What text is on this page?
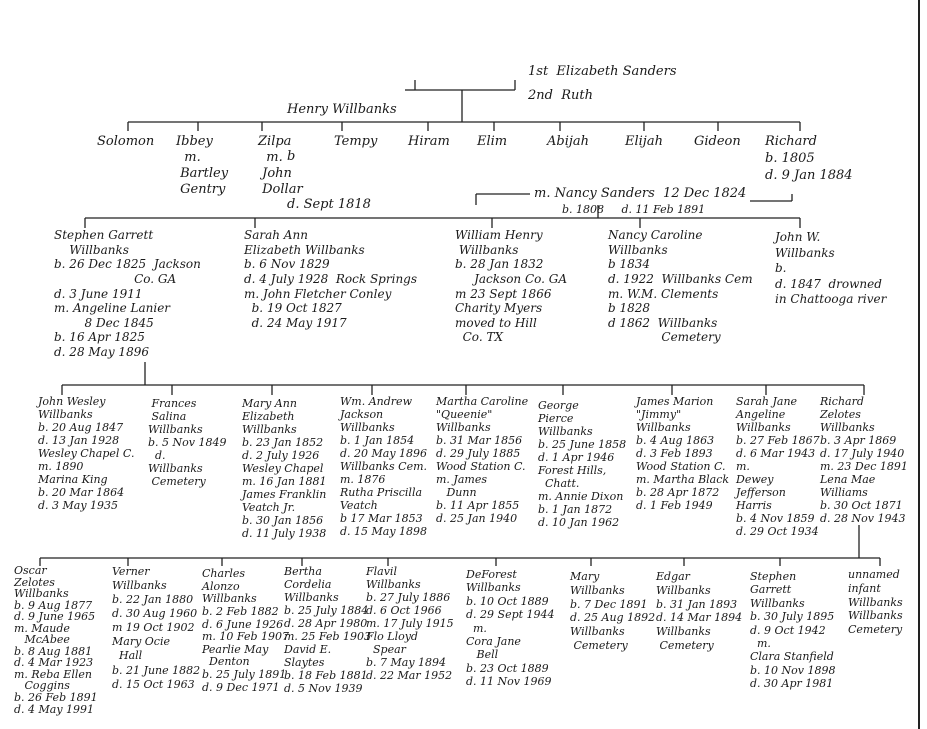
Henry Willbanks

b

d. Sept 1818

1st  Elizabeth Sanders
2nd  Ruth
Solomon Ibbey
m.
Bartley
Gentry
Zilpa
m.
John
Dollar
Tempy Hiram Elim	Abijah	Elijah Gideon Richard
b. 1805
d. 9 Jan 1884
m. Nancy Sanders  12 Dec 1824
b. 1808     d. 11 Feb 1891
Stephen Garrett
Willbanks
b. 26 Dec 1825  Jackson
Co. GA
d. 3 June 1911
m. Angeline Lanier
8 Dec 1845
b. 16 Apr 1825
d. 28 May 1896
Sarah Ann
Elizabeth Willbanks
b. 6 Nov 1829
d. 4 July 1928  Rock Springs
m. John Fletcher Conley
b. 19 Oct 1827
d. 24 May 1917
William Henry
Willbanks
b. 28 Jan 1832
Jackson Co. GA
m 23 Sept 1866
Charity Myers
moved to Hill
Co. TX
Nancy Caroline
Willbanks
b 1834
d. 1922  Willbanks Cem
m. W.M. Clements
b 1828
d 1862  Willbanks
Cemetery
John W.
Willbanks
b.
d. 1847  drowned
in Chattooga river
John Wesley
Willbanks
b. 20 Aug 1847
d. 13 Jan 1928
Wesley Chapel C.
m. 1890
Marina King
b. 20 Mar 1864
d. 3 May 1935
Frances
Salina
Willbanks
b. 5 Nov 1849
d.
Willbanks
Cemetery
Mary Ann
Elizabeth
Willbanks
b. 23 Jan 1852
d. 2 July 1926
Wesley Chapel
m. 16 Jan 1881
James Franklin
Veatch Jr.
b. 30 Jan 1856
d. 11 July 1938
Wm. Andrew
Jackson
Willbanks
b. 1 Jan 1854
d. 20 May 1896
Willbanks Cem.
m. 1876
Rutha Priscilla
Veatch
b 17 Mar 1853
d. 15 May 1898
Martha Caroline
"Queenie"
Willbanks
b. 31 Mar 1856
d. 29 July 1885
Wood Station C.
m. James
Dunn
b. 11 Apr 1855
d. 25 Jan 1940
George
Pierce
Willbanks
b. 25 June 1858
d. 1 Apr 1946
Forest Hills,
Chatt.
m. Annie Dixon
b. 1 Jan 1872
d. 10 Jan 1962
James Marion
"Jimmy"
Willbanks
b. 4 Aug 1863
d. 3 Feb 1893
Wood Station C.
m. Martha Black
b. 28 Apr 1872
d. 1 Feb 1949
Sarah Jane
Angeline
Willbanks
b. 27 Feb 1867
d. 6 Mar 1943
m.
Dewey
Jefferson
Harris
b. 4 Nov 1859
d. 29 Oct 1934
Richard
Zelotes
Willbanks
b. 3 Apr 1869
d. 17 July 1940
m. 23 Dec 1891
Lena Mae
Williams
b. 30 Oct 1871
d. 28 Nov 1943
Oscar
Zelotes
Willbanks
b. 9 Aug 1877
d. 9 June 1965
m. Maude
McAbee
b. 8 Aug 1881
d. 4 Mar 1923
m. Reba Ellen
Coggins
b. 26 Feb 1891
d. 4 May 1991
Verner
Willbanks
b. 22 Jan 1880
d. 30 Aug 1960
m 19 Oct 1902
Mary Ocie
Hall
b. 21 June 1882
d. 15 Oct 1963
Charles
Alonzo
Willbanks
b. 2 Feb 1882
d. 6 June 1926
m. 10 Feb 1907
Pearlie May
Denton
b. 25 July 1891
d. 9 Dec 1971
Bertha
Cordelia
Willbanks
b. 25 July 1884
d. 28 Apr 1980
m. 25 Feb 1903
David E.
Slaytes
b. 18 Feb 1881
d. 5 Nov 1939
Flavil
Willbanks
b. 27 July 1886
d. 6 Oct 1966
m. 17 July 1915
Flo Lloyd
Spear
b. 7 May 1894
d. 22 Mar 1952
DeForest
Willbanks
b. 10 Oct 1889
d. 29 Sept 1944
m.
Cora Jane
Bell
b. 23 Oct 1889
d. 11 Nov 1969
Mary
Willbanks
b. 7 Dec 1891
d. 25 Aug 1892
Willbanks
Cemetery
Edgar
Willbanks
b. 31 Jan 1893
d. 14 Mar 1894
Willbanks
Cemetery
Stephen
Garrett
Willbanks
b. 30 July 1895
d. 9 Oct 1942
m.
Clara Stanfield
b. 10 Nov 1898
d. 30 Apr 1981
unnamed
infant
Willbanks
Willbanks
Cemetery
